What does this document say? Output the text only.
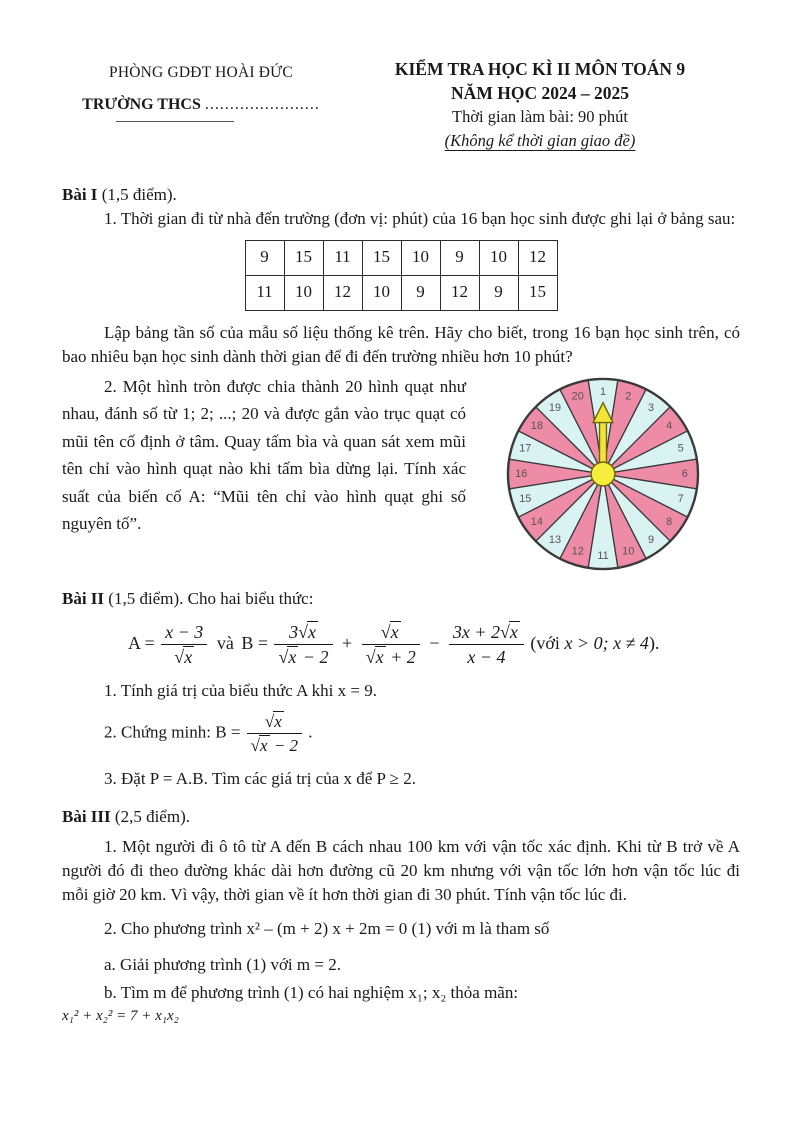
PHÒNG GDĐT HOÀI ĐỨC
TRƯỜNG THCS .......................
KIỂM TRA HỌC KÌ II MÔN TOÁN 9
NĂM HỌC 2024 – 2025
Thời gian làm bài: 90 phút
(Không kể thời gian giao đề)

Bài I (1,5 điểm).

1. Thời gian đi từ nhà đến trường (đơn vị: phút) của 16 bạn học sinh được ghi lại ở bảng sau:

9	15	11	15	10	9	10	12
11	10	12	10	9	12	9	15

Lập bảng tần số của mẫu số liệu thống kê trên. Hãy cho biết, trong 16 bạn học sinh trên, có bao nhiêu bạn học sinh dành thời gian để đi đến trường nhiều hơn 10 phút?

2. Một hình tròn được chia thành 20 hình quạt như nhau, đánh số từ 1; 2; ...; 20 và được gắn vào trục quạt có mũi tên cố định ở tâm. Quay tấm bìa và quan sát xem mũi tên chỉ vào hình quạt nào khi tấm bìa dừng lại. Tính xác suất của biến cố A: “Mũi tên chỉ vào hình quạt ghi số nguyên tố”.
1 2
3
4
5
6
7
8
9
10
11
12
13
14
15
16
17
18
19
20

Bài II (1,5 điểm). Cho hai biểu thức:

$A = \frac{x - 3}{√x}$ và $B = \frac{3√x}{√x - 2} + \frac{√x}{√x + 2} - \frac{3x + 2√x}{x - 4}$ (với x > 0; x ≠ 4).

1. Tính giá trị của biểu thức A khi x = 9.

2. Chứng minh: $B = \frac{√x}{√x - 2}$ .

3. Đặt P = A.B. Tìm các giá trị của x để P ≥ 2.

Bài III (2,5 điểm).

1. Một người đi ô tô từ A đến B cách nhau 100 km với vận tốc xác định. Khi từ B trở về A người đó đi theo đường khác dài hơn đường cũ 20 km nhưng với vận tốc lớn hơn vận tốc lúc đi mỗi giờ 20 km. Vì vậy, thời gian về ít hơn thời gian đi 30 phút. Tính vận tốc lúc đi.

2. Cho phương trình x² – (m + 2) x + 2m = 0 (1) với m là tham số

a. Giải phương trình (1) với m = 2.

b. Tìm m để phương trình (1) có hai nghiệm x₁; x₂ thỏa mãn:

x₁² + x₂² = 7 + x₁x₂
